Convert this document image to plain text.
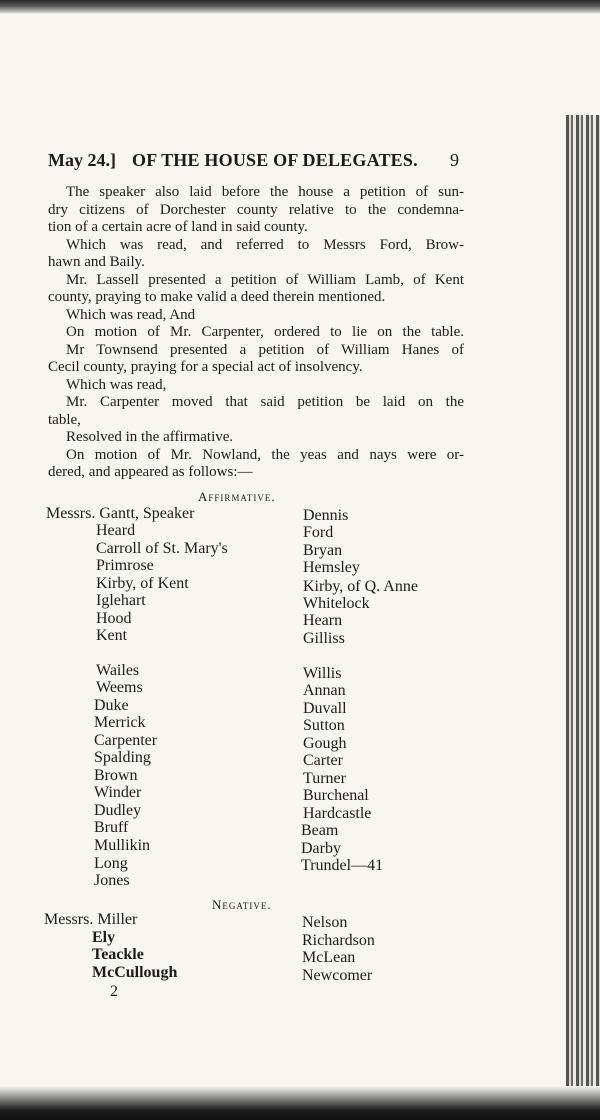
May 24.] OF THE HOUSE OF DELEGATES. 9
The speaker also laid before the house a petition of sun-
dry citizens of Dorchester county relative to the condemna-
tion of a certain acre of land in said county.
Which was read, and referred to Messrs Ford, Brow-
hawn and Baily.
Mr. Lassell presented a petition of William Lamb, of Kent
county, praying to make valid a deed therein mentioned.
Which was read, And
On motion of Mr. Carpenter, ordered to lie on the table.
Mr Townsend presented a petition of William Hanes of
Cecil county, praying for a special act of insolvency.
Which was read,
Mr. Carpenter moved that said petition be laid on the
table,
Resolved in the affirmative.
On motion of Mr. Nowland, the yeas and nays were or-
dered, and appeared as follows:—
Affirmative.
Messrs. Gantt, Speaker
Heard
Carroll of St. Mary's
Primrose
Kirby, of Kent
Iglehart
Hood
Kent
Wailes
Weems
Duke
Merrick
Carpenter
Spalding
Brown
Winder
Dudley
Bruff
Mullikin
Long
Jones
Dennis
Ford
Bryan
Hemsley
Kirby, of Q. Anne
Whitelock
Hearn
Gilliss
Willis
Annan
Duvall
Sutton
Gough
Carter
Turner
Burchenal
Hardcastle
Beam
Darby
Trundel—41
Negative.
Messrs. Miller
Ely
Teackle
McCullough
Nelson
Richardson
McLean
Newcomer
2
